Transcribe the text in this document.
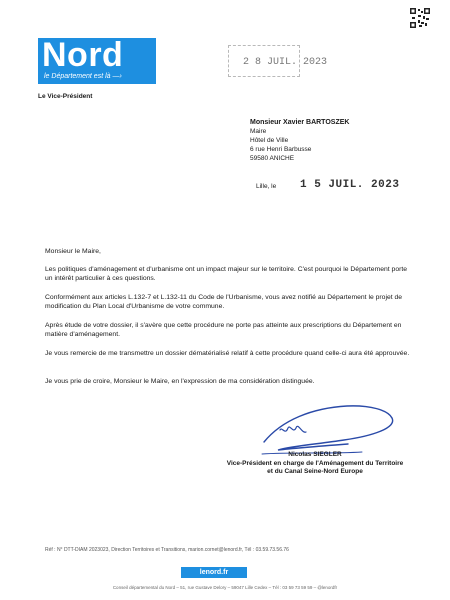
Nord
le Département est là —›
Le Vice-Président
2 8 JUIL. 2023
Monsieur Xavier BARTOSZEK
Maire
Hôtel de Ville
6 rue Henri Barbusse
59580 ANICHE
Lille, le 1 5 JUIL. 2023
Monsieur le Maire,
Les politiques d'aménagement et d'urbanisme ont un impact majeur sur le territoire. C'est pourquoi le Département porte un intérêt particulier à ces questions.
Conformément aux articles L.132-7 et L.132-11 du Code de l'Urbanisme, vous avez notifié au Département le projet de modification du Plan Local d'Urbanisme de votre commune.
Après étude de votre dossier, il s'avère que cette procédure ne porte pas atteinte aux prescriptions du Département en matière d'aménagement.
Je vous remercie de me transmettre un dossier dématérialisé relatif à cette procédure quand celle-ci aura été approuvée.
Je vous prie de croire, Monsieur le Maire, en l'expression de ma considération distinguée.
Nicolas SIEGLER
Vice-Président en charge de l'Aménagement du Territoire
et du Canal Seine-Nord Europe
Réf : N° DTT-DIAM 2023023, Direction Territoires et Transitions, marion.cornet@lenord.fr, Tél : 03.59.73.56.76
lenord.fr
Conseil départemental du Nord – 51, rue Gustave Delory – 59047 Lille Cedex – Tél : 03 59 73 59 59 – @lenordfr
